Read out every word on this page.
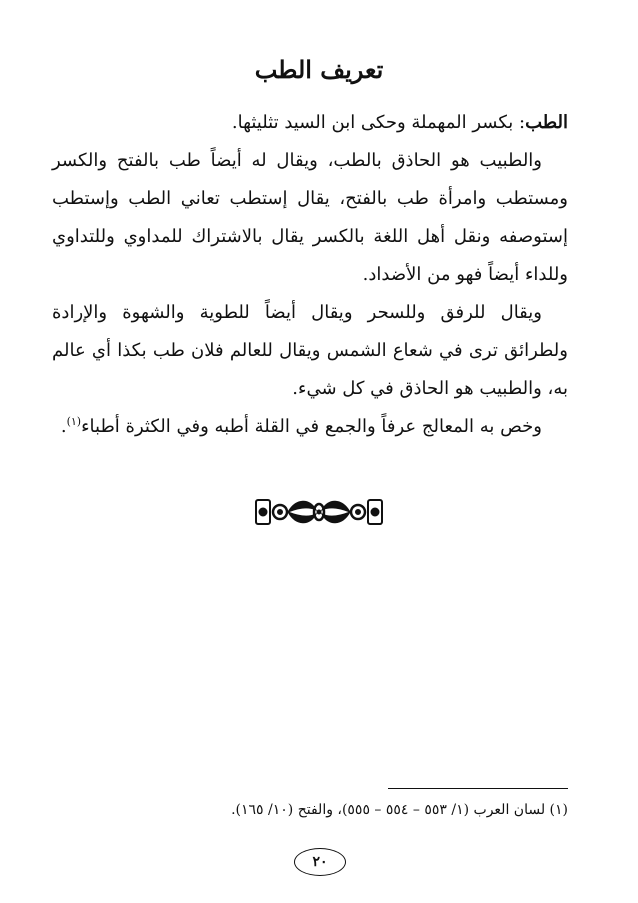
تعريف الطب

الطب: بكسر المهملة وحكى ابن السيد تثليثها.

والطبيب هو الحاذق بالطب، ويقال له أيضاً طب بالفتح والكسر ومستطب وامرأة طب بالفتح، يقال إستطب تعاني الطب وإستطب إستوصفه ونقل أهل اللغة بالكسر يقال بالاشتراك للمداوي وللتداوي وللداء أيضاً فهو من الأضداد.

ويقال للرفق وللسحر ويقال أيضاً للطوية والشهوة والإرادة ولطرائق ترى في شعاع الشمس ويقال للعالم فلان طب بكذا أي عالم به، والطبيب هو الحاذق في كل شيء.

وخص به المعالج عرفاً والجمع في القلة أطبه وفي الكثرة أطباء$^{(١)}$.

(١) لسان العرب (١/ ٥٥٣ – ٥٥٤ – ٥٥٥)، والفتح (١٠/ ١٦٥).
٢٠
